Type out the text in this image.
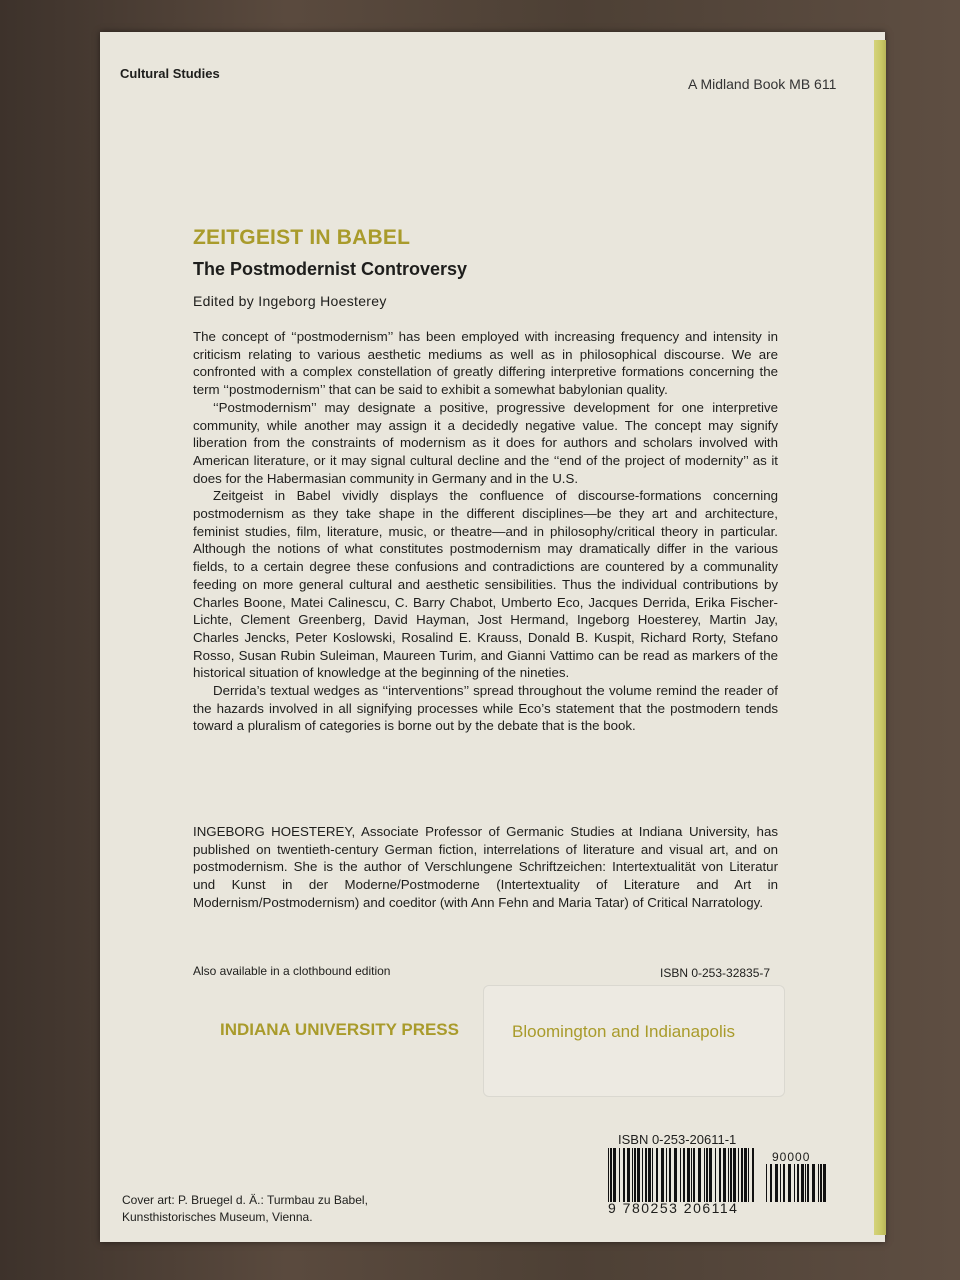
Cultural Studies
A Midland Book MB 611
ZEITGEIST IN BABEL
The Postmodernist Controversy
Edited by Ingeborg Hoesterey

The concept of ‘‘postmodernism’’ has been employed with increasing frequency and intensity in criticism relating to various aesthetic mediums as well as in philosophical discourse. We are confronted with a complex constellation of greatly differing interpretive formations concerning the term ‘‘postmodernism’’ that can be said to exhibit a somewhat babylonian quality.

‘‘Postmodernism’’ may designate a positive, progressive development for one interpretive community, while another may assign it a decidedly negative value. The concept may signify liberation from the constraints of modernism as it does for authors and scholars involved with American literature, or it may signal cultural decline and the ‘‘end of the project of modernity’’ as it does for the Habermasian community in Germany and in the U.S.

Zeitgeist in Babel vividly displays the confluence of discourse-formations concerning postmodernism as they take shape in the different disciplines—be they art and architecture, feminist studies, film, literature, music, or theatre—and in philosophy/critical theory in particular. Although the notions of what constitutes postmodernism may dramatically differ in the various fields, to a certain degree these confusions and contradictions are countered by a communality feeding on more general cultural and aesthetic sensibilities. Thus the individual contributions by Charles Boone, Matei Calinescu, C. Barry Chabot, Umberto Eco, Jacques Derrida, Erika Fischer-Lichte, Clement Greenberg, David Hayman, Jost Hermand, Ingeborg Hoesterey, Martin Jay, Charles Jencks, Peter Koslowski, Rosalind E. Krauss, Donald B. Kuspit, Richard Rorty, Stefano Rosso, Susan Rubin Suleiman, Maureen Turim, and Gianni Vattimo can be read as markers of the historical situation of knowledge at the beginning of the nineties.

Derrida’s textual wedges as ‘‘interventions’’ spread throughout the volume remind the reader of the hazards involved in all signifying processes while Eco’s statement that the postmodern tends toward a pluralism of categories is borne out by the debate that is the book.

INGEBORG HOESTEREY, Associate Professor of Germanic Studies at Indiana University, has published on twentieth-century German fiction, interrelations of literature and visual art, and on postmodernism. She is the author of Verschlungene Schriftzeichen: Intertextualität von Literatur und Kunst in der Moderne/Postmoderne (Intertextuality of Literature and Art in Modernism/Postmodernism) and coeditor (with Ann Fehn and Maria Tatar) of Critical Narratology.

Also available in a clothbound edition	ISBN 0-253-32835-7
INDIANA UNIVERSITY PRESS	Bloomington and Indianapolis
Cover art: P. Bruegel d. Ä.: Turmbau zu Babel,
Kunsthistorisches Museum, Vienna.
ISBN 0-253-20611-1
90000
9 780253 206114
